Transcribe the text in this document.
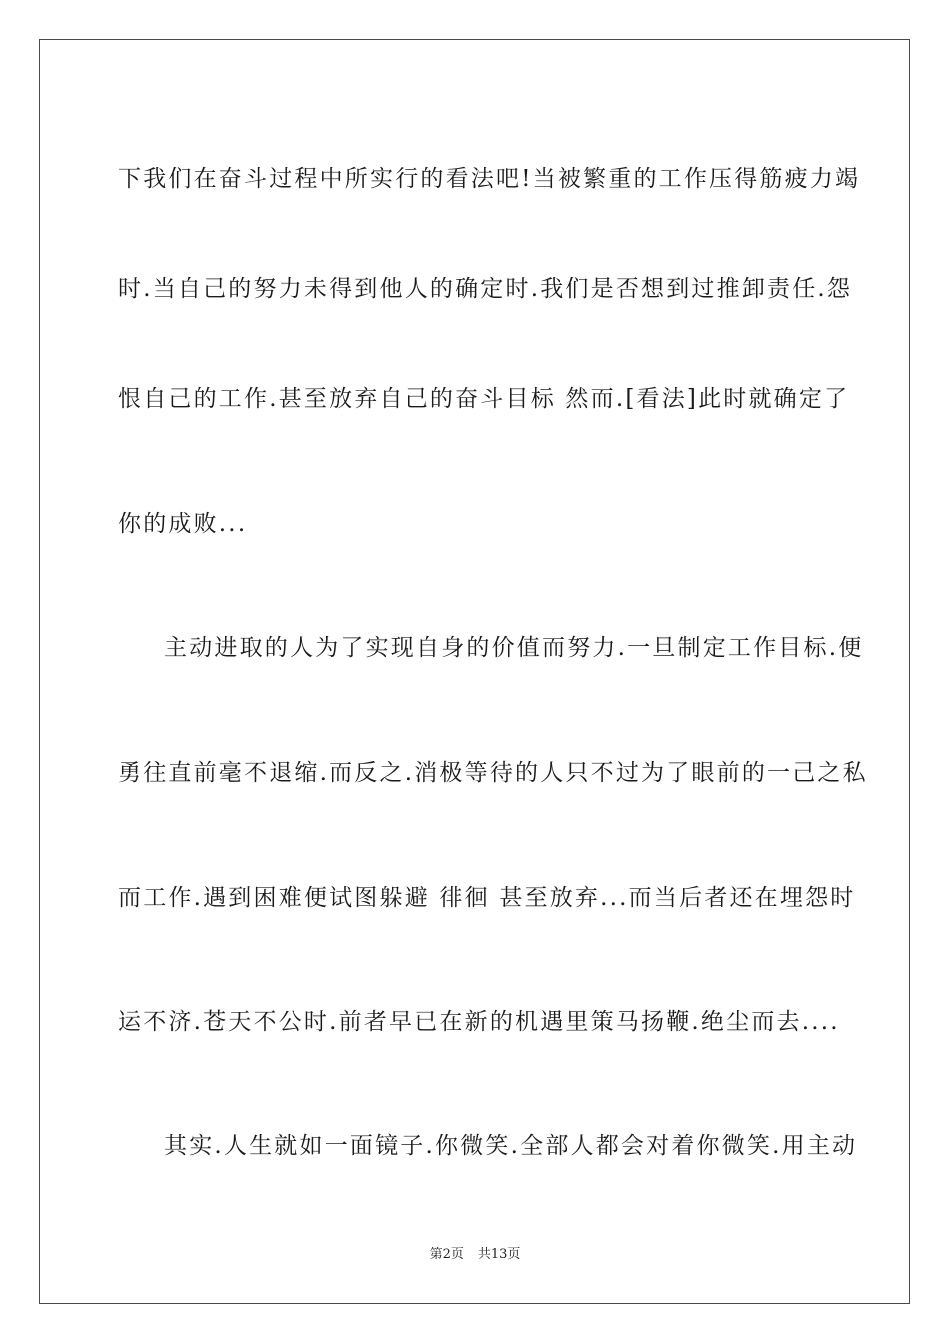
下我们在奋斗过程中所实行的看法吧!当被繁重的工作压得筋疲力竭
时.当自己的努力未得到他人的确定时.我们是否想到过推卸责任.怨
恨自己的工作.甚至放弃自己的奋斗目标 然而.[看法]此时就确定了
你的成败...
主动进取的人为了实现自身的价值而努力.一旦制定工作目标.便
勇往直前毫不退缩.而反之.消极等待的人只不过为了眼前的一己之私
而工作.遇到困难便试图躲避 徘徊 甚至放弃...而当后者还在埋怨时
运不济.苍天不公时.前者早已在新的机遇里策马扬鞭.绝尘而去....
其实.人生就如一面镜子.你微笑.全部人都会对着你微笑.用主动
第2页 共13页
